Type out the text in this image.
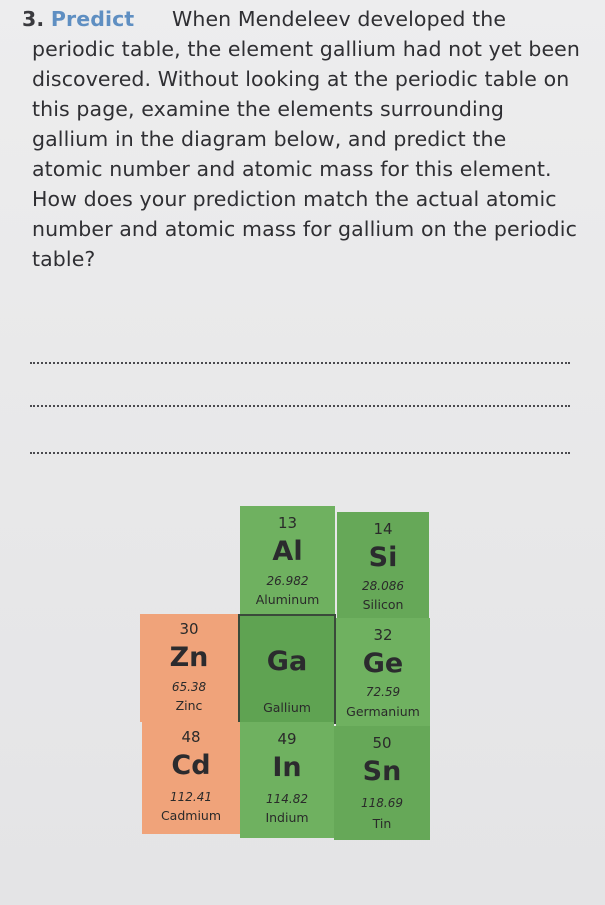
3. Predict	When Mendeleev developed the periodic table, the element gallium had not yet been discovered. Without looking at the periodic table on this page, examine the elements surrounding gallium in the diagram below, and predict the atomic number and atomic mass for this element. How does your prediction match the actual atomic number and atomic mass for gallium on the periodic table?
13
Al
26.982
Aluminum
14
Si
28.086
Silicon
30
Zn
65.38
Zinc
Ga
Gallium
32
Ge
72.59
Germanium
48
Cd
112.41
Cadmium
49
In
114.82
Indium
50
Sn
118.69
Tin
